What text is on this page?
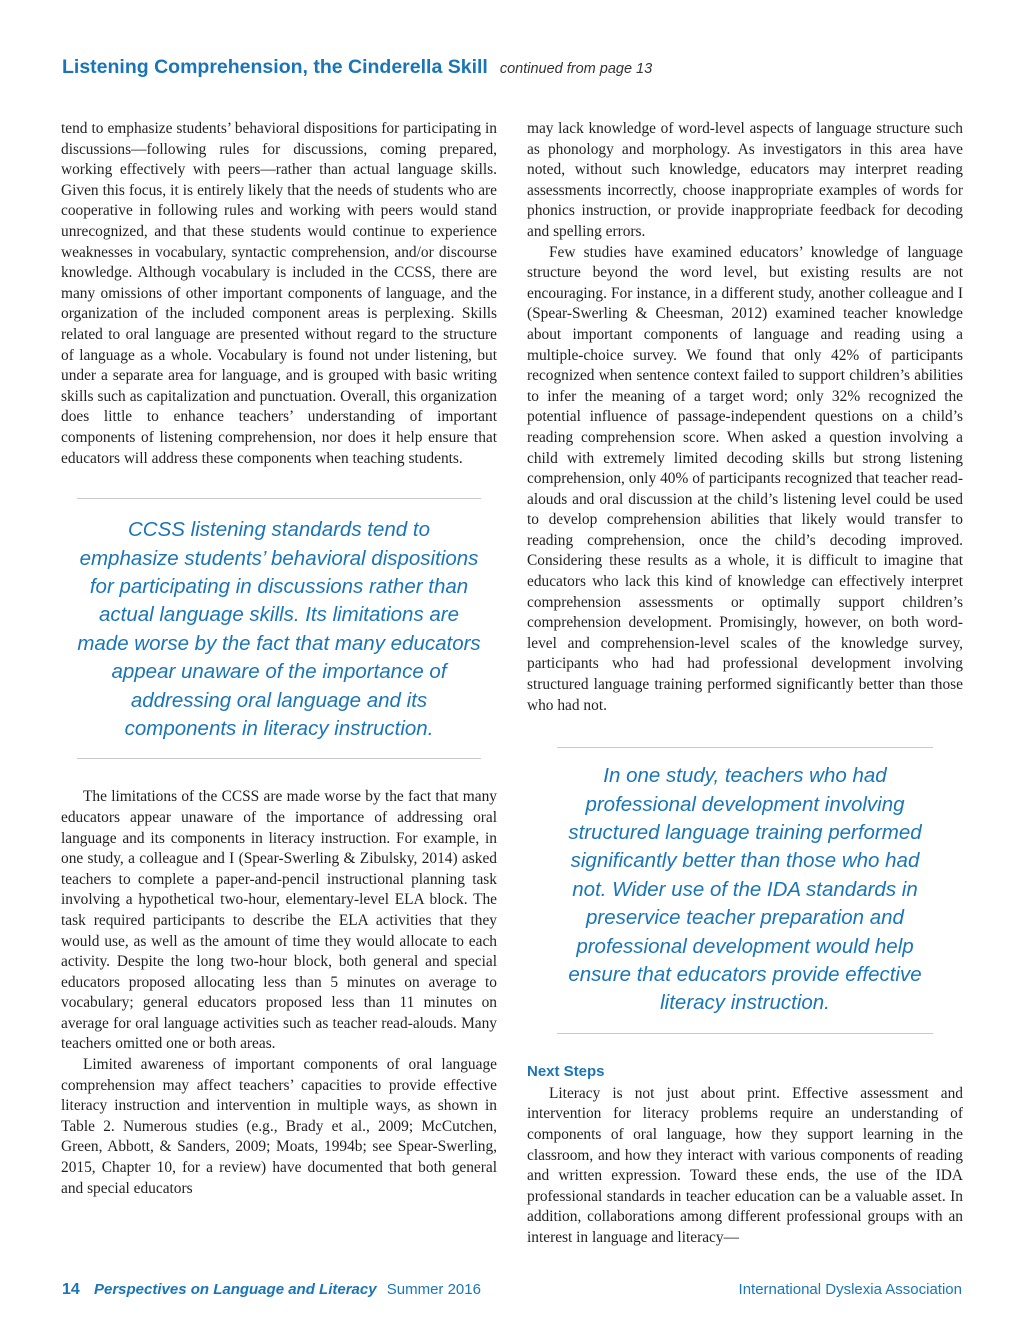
Listening Comprehension, the Cinderella Skill continued from page 13

tend to emphasize students’ behavioral dispositions for participating in discussions—following rules for discussions, coming prepared, working effectively with peers—rather than actual language skills. Given this focus, it is entirely likely that the needs of students who are cooperative in following rules and working with peers would stand unrecognized, and that these students would continue to experience weaknesses in vocabulary, syntactic comprehension, and/or discourse knowledge. Although vocabulary is included in the CCSS, there are many omissions of other important components of language, and the organization of the included component areas is perplexing. Skills related to oral language are presented without regard to the structure of language as a whole. Vocabulary is found not under listening, but under a separate area for language, and is grouped with basic writing skills such as capitalization and punctuation. Overall, this organization does little to enhance teachers’ understanding of important components of listening comprehension, nor does it help ensure that educators will address these components when teaching students.

CCSS listening standards tend to emphasize students’ behavioral dispositions for participating in discussions rather than actual language skills. Its limitations are made worse by the fact that many educators appear unaware of the importance of addressing oral language and its components in literacy instruction.

The limitations of the CCSS are made worse by the fact that many educators appear unaware of the importance of addressing oral language and its components in literacy instruction. For example, in one study, a colleague and I (Spear-Swerling & Zibulsky, 2014) asked teachers to complete a paper-and-pencil instructional planning task involving a hypothetical two-hour, elementary-level ELA block. The task required participants to describe the ELA activities that they would use, as well as the amount of time they would allocate to each activity. Despite the long two-hour block, both general and special educators proposed allocating less than 5 minutes on average to vocabulary; general educators proposed less than 11 minutes on average for oral language activities such as teacher read-alouds. Many teachers omitted one or both areas.

Limited awareness of important components of oral language comprehension may affect teachers’ capacities to provide effective literacy instruction and intervention in multiple ways, as shown in Table 2. Numerous studies (e.g., Brady et al., 2009; McCutchen, Green, Abbott, & Sanders, 2009; Moats, 1994b; see Spear-Swerling, 2015, Chapter 10, for a review) have documented that both general and special educators

may lack knowledge of word-level aspects of language structure such as phonology and morphology. As investigators in this area have noted, without such knowledge, educators may interpret reading assessments incorrectly, choose inappropriate examples of words for phonics instruction, or provide inappropriate feedback for decoding and spelling errors.

Few studies have examined educators’ knowledge of language structure beyond the word level, but existing results are not encouraging. For instance, in a different study, another colleague and I (Spear-Swerling & Cheesman, 2012) examined teacher knowledge about important components of language and reading using a multiple-choice survey. We found that only 42% of participants recognized when sentence context failed to support children’s abilities to infer the meaning of a target word; only 32% recognized the potential influence of passage-independent questions on a child’s reading comprehension score. When asked a question involving a child with extremely limited decoding skills but strong listening comprehension, only 40% of participants recognized that teacher read-alouds and oral discussion at the child’s listening level could be used to develop comprehension abilities that likely would transfer to reading comprehension, once the child’s decoding improved. Considering these results as a whole, it is difficult to imagine that educators who lack this kind of knowledge can effectively interpret comprehension assessments or optimally support children’s comprehension development. Promisingly, however, on both word-level and comprehension-level scales of the knowledge survey, participants who had had professional development involving structured language training performed significantly better than those who had not.

In one study, teachers who had professional development involving structured language training performed significantly better than those who had not. Wider use of the IDA standards in preservice teacher preparation and professional development would help ensure that educators provide effective literacy instruction.
Next Steps

Literacy is not just about print. Effective assessment and intervention for literacy problems require an understanding of components of oral language, how they support learning in the classroom, and how they interact with various components of reading and written expression. Toward these ends, the use of the IDA professional standards in teacher education can be a valuable asset. In addition, collaborations among different professional groups with an interest in language and literacy—

14 Perspectives on Language and Literacy Summer 2016	International Dyslexia Association
